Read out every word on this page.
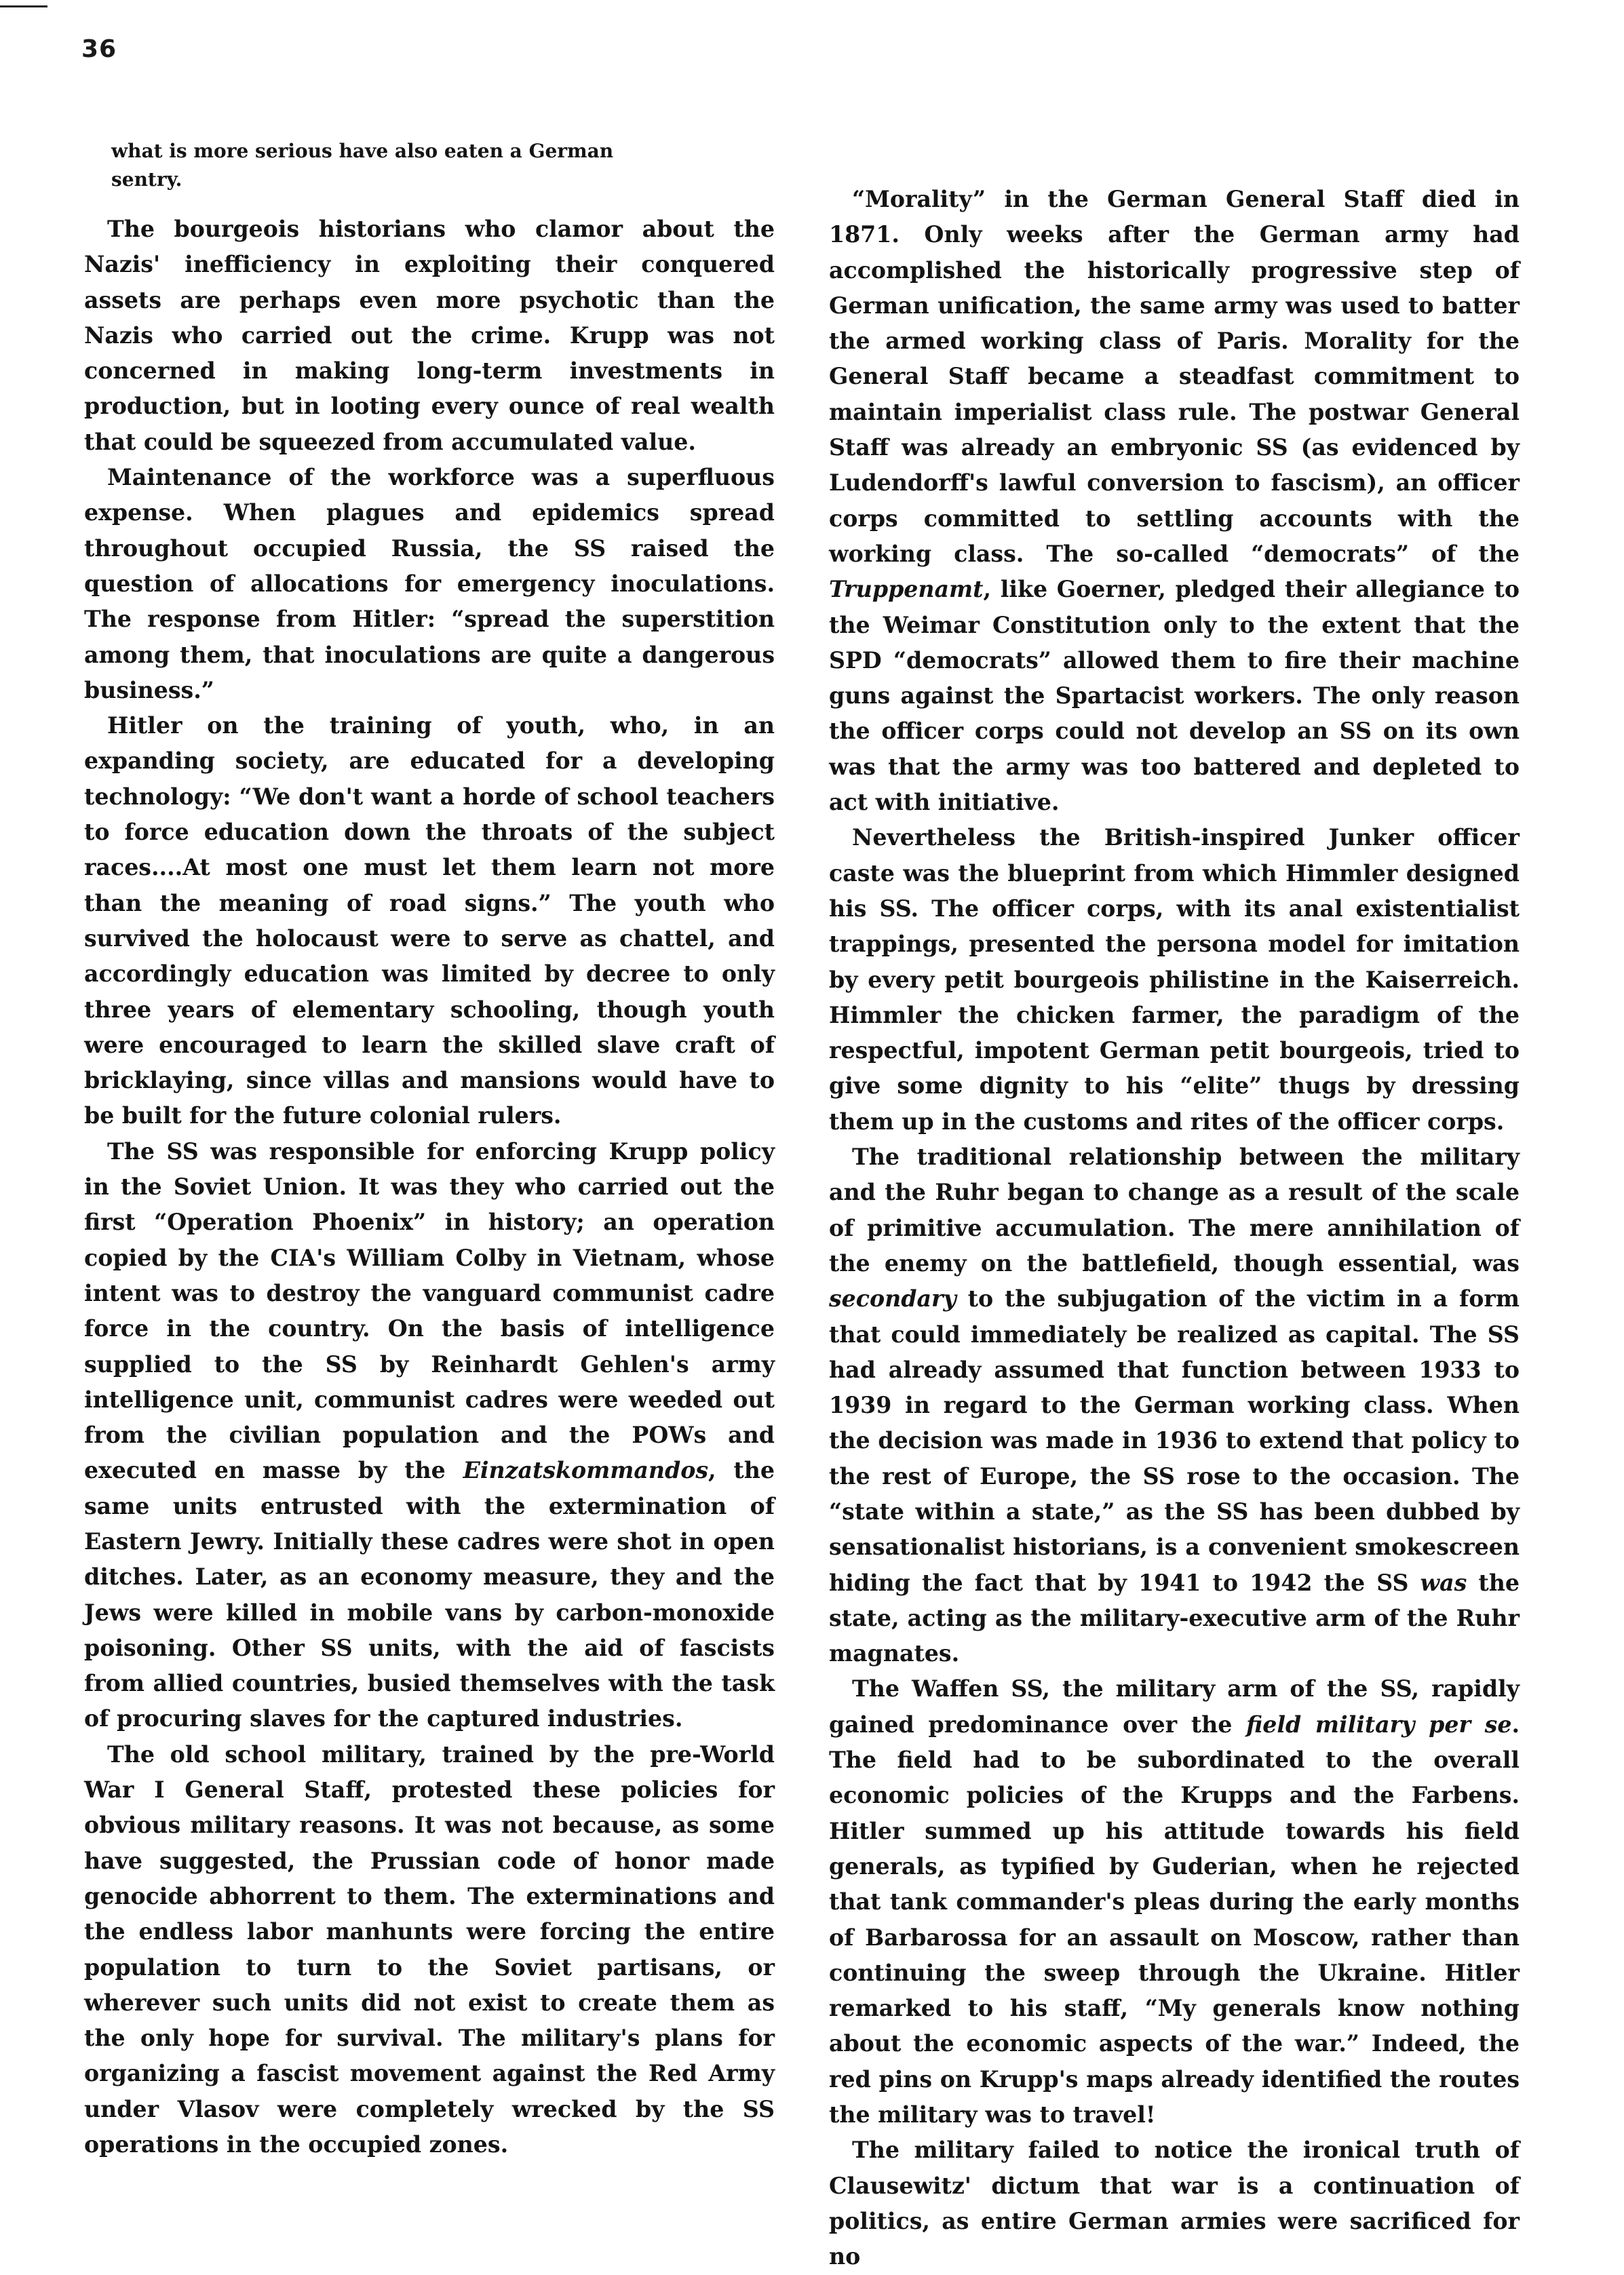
36

what is more serious have also eaten a German sentry.

The bourgeois historians who clamor about the Nazis' inefficiency in exploiting their conquered assets are perhaps even more psychotic than the Nazis who carried out the crime. Krupp was not concerned in making long-term investments in production, but in looting every ounce of real wealth that could be squeezed from accumulated value.

Maintenance of the workforce was a superfluous expense. When plagues and epidemics spread throughout occupied Russia, the SS raised the question of allocations for emergency inoculations. The response from Hitler: “spread the superstition among them, that inoculations are quite a dangerous business.”

Hitler on the training of youth, who, in an expanding society, are educated for a developing technology: “We don't want a horde of school teachers to force education down the throats of the subject races....At most one must let them learn not more than the meaning of road signs.” The youth who survived the holocaust were to serve as chattel, and accordingly education was limited by decree to only three years of elementary schooling, though youth were encouraged to learn the skilled slave craft of bricklaying, since villas and mansions would have to be built for the future colonial rulers.

The SS was responsible for enforcing Krupp policy in the Soviet Union. It was they who carried out the first “Operation Phoenix” in history; an operation copied by the CIA's William Colby in Vietnam, whose intent was to destroy the vanguard communist cadre force in the country. On the basis of intelligence supplied to the SS by Reinhardt Gehlen's army intelligence unit, communist cadres were weeded out from the civilian population and the POWs and executed en masse by the Einzatskommandos, the same units entrusted with the extermination of Eastern Jewry. Initially these cadres were shot in open ditches. Later, as an economy measure, they and the Jews were killed in mobile vans by carbon-monoxide poisoning. Other SS units, with the aid of fascists from allied countries, busied themselves with the task of procuring slaves for the captured industries.

The old school military, trained by the pre-World War I General Staff, protested these policies for obvious military reasons. It was not because, as some have suggested, the Prussian code of honor made genocide abhorrent to them. The exterminations and the endless labor manhunts were forcing the entire population to turn to the Soviet partisans, or wherever such units did not exist to create them as the only hope for survival. The military's plans for organizing a fascist movement against the Red Army under Vlasov were completely wrecked by the SS operations in the occupied zones.

“Morality” in the German General Staff died in 1871. Only weeks after the German army had accomplished the historically progressive step of German unification, the same army was used to batter the armed working class of Paris. Morality for the General Staff became a steadfast commitment to maintain imperialist class rule. The postwar General Staff was already an embryonic SS (as evidenced by Ludendorff's lawful conversion to fascism), an officer corps committed to settling accounts with the working class. The so-called “democrats” of the Truppenamt, like Goerner, pledged their allegiance to the Weimar Constitution only to the extent that the SPD “democrats” allowed them to fire their machine guns against the Spartacist workers. The only reason the officer corps could not develop an SS on its own was that the army was too battered and depleted to act with initiative.

Nevertheless the British-inspired Junker officer caste was the blueprint from which Himmler designed his SS. The officer corps, with its anal existentialist trappings, presented the persona model for imitation by every petit bourgeois philistine in the Kaiserreich. Himmler the chicken farmer, the paradigm of the respectful, impotent German petit bourgeois, tried to give some dignity to his “elite” thugs by dressing them up in the customs and rites of the officer corps.

The traditional relationship between the military and the Ruhr began to change as a result of the scale of primitive accumulation. The mere annihilation of the enemy on the battlefield, though essential, was secondary to the subjugation of the victim in a form that could immediately be realized as capital. The SS had already assumed that function between 1933 to 1939 in regard to the German working class. When the decision was made in 1936 to extend that policy to the rest of Europe, the SS rose to the occasion. The “state within a state,” as the SS has been dubbed by sensationalist historians, is a convenient smokescreen hiding the fact that by 1941 to 1942 the SS was the state, acting as the military-executive arm of the Ruhr magnates.

The Waffen SS, the military arm of the SS, rapidly gained predominance over the field military per se. The field had to be subordinated to the overall economic policies of the Krupps and the Farbens. Hitler summed up his attitude towards his field generals, as typified by Guderian, when he rejected that tank commander's pleas during the early months of Barbarossa for an assault on Moscow, rather than continuing the sweep through the Ukraine. Hitler remarked to his staff, “My generals know nothing about the economic aspects of the war.” Indeed, the red pins on Krupp's maps already identified the routes the military was to travel!

The military failed to notice the ironical truth of Clausewitz' dictum that war is a continuation of politics, as entire German armies were sacrificed for no
